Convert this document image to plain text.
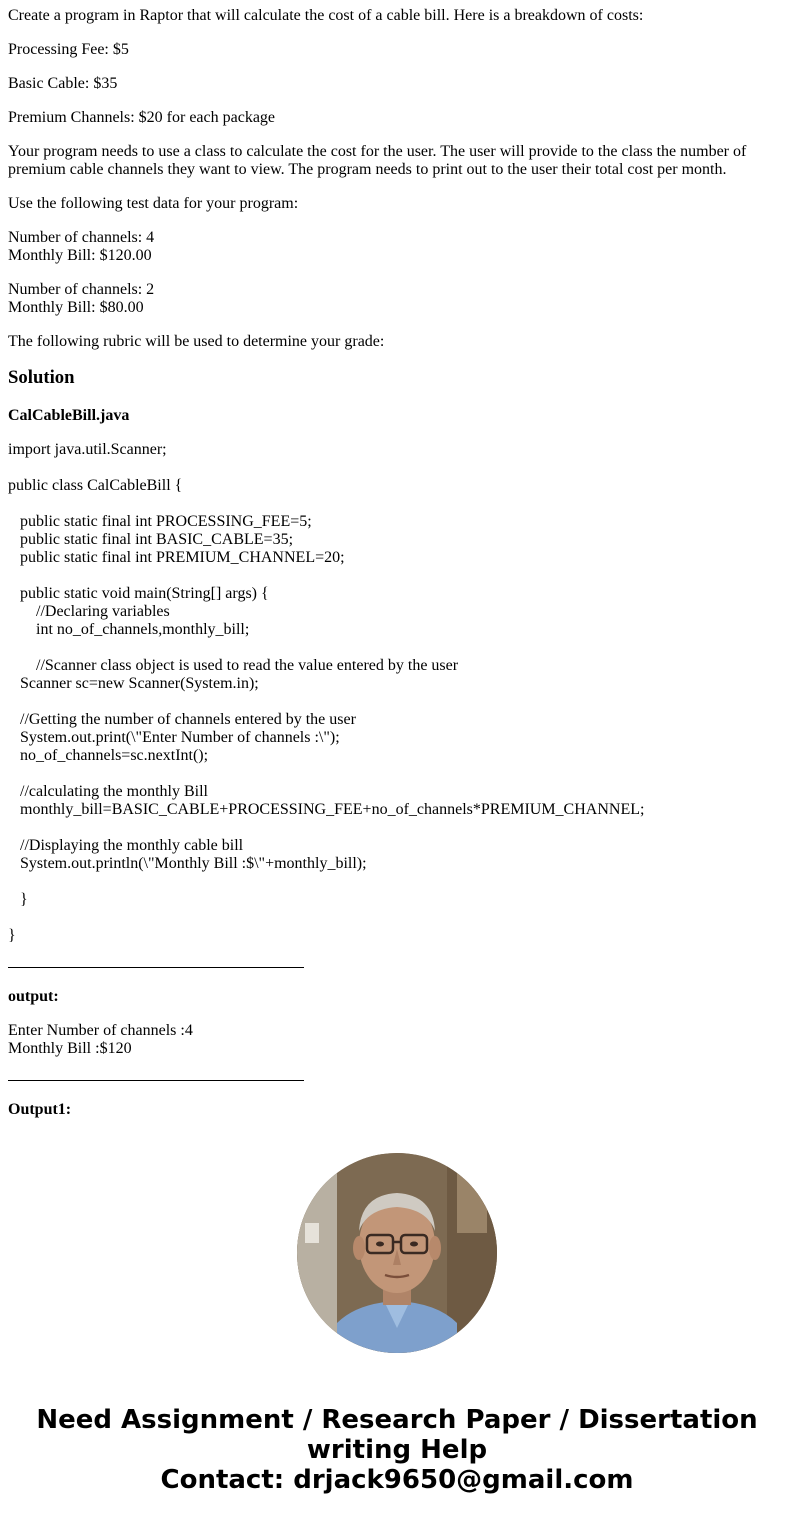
Create a program in Raptor that will calculate the cost of a cable bill. Here is a breakdown of costs:

Processing Fee: $5

Basic Cable: $35

Premium Channels: $20 for each package

Your program needs to use a class to calculate the cost for the user. The user will provide to the class the number of premium cable channels they want to view. The program needs to print out to the user their total cost per month.

Use the following test data for your program:

Number of channels: 4
Monthly Bill: $120.00

Number of channels: 2
Monthly Bill: $80.00

The following rubric will be used to determine your grade:

Solution
CalCableBill.java
import java.util.Scanner;
public class CalCableBill {
public static final int PROCESSING_FEE=5;
public static final int BASIC_CABLE=35;
public static final int PREMIUM_CHANNEL=20;
public static void main(String[] args) {
//Declaring variables
int no_of_channels,monthly_bill;
//Scanner class object is used to read the value entered by the user
Scanner sc=new Scanner(System.in);
//Getting the number of channels entered by the user
System.out.print(\"Enter Number of channels :\");
no_of_channels=sc.nextInt();
//calculating the monthly Bill
monthly_bill=BASIC_CABLE+PROCESSING_FEE+no_of_channels*PREMIUM_CHANNEL;
//Displaying the monthly cable bill
System.out.println(\"Monthly Bill :$\"+monthly_bill);
}
}
output:

Enter Number of channels :4
Monthly Bill :$120

Output1:
Need Assignment / Research Paper / Dissertation
writing Help
Contact: drjack9650@gmail.com
